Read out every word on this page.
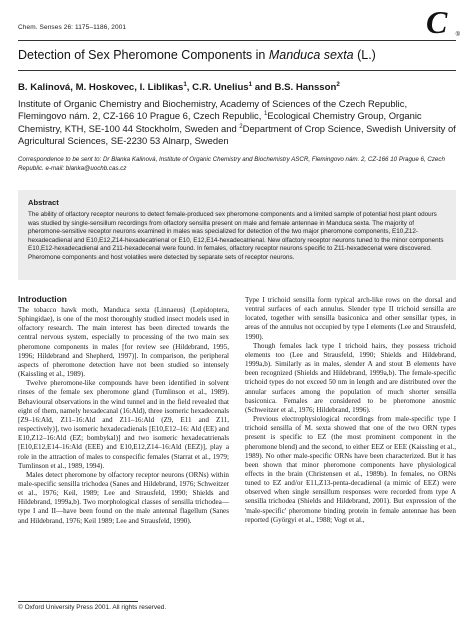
Chem. Senses 26: 1175–1186, 2001	C ®
Detection of Sex Pheromone Components in Manduca sexta (L.)
B. Kalinová, M. Hoskovec, I. Liblikas$^1$, C.R. Unelius$^1$ and B.S. Hansson$^2$
Institute of Organic Chemistry and Biochemistry, Academy of Sciences of the Czech Republic, Flemingovo nám. 2, CZ-166 10 Prague 6, Czech Republic, $^1$Ecological Chemistry Group, Organic Chemistry, KTH, SE-100 44 Stockholm, Sweden and $^2$Department of Crop Science, Swedish University of Agricultural Sciences, SE-2230 53 Alnarp, Sweden
Correspondence to be sent to: Dr Blanka Kalinová, Institute of Organic Chemistry and Biochemistry ASCR, Flemingovo nám. 2, CZ-166 10 Prague 6, Czech Republic. e-mail: blanka@uochb.cas.cz
Abstract
The ability of olfactory receptor neurons to detect female-produced sex pheromone components and a limited sample of potential host plant odours was studied by single-sensillum recordings from olfactory sensilla present on male and female antennae in Manduca sexta. The majority of pheromone-sensitive receptor neurons examined in males was specialized for detection of the two major pheromone components, E10,Z12-hexadecadienal and E10,E12,Z14-hexadecatrienal or E10, E12,E14-hexadecatrienal. New olfactory receptor neurons tuned to the minor components E10,E12-hexadecadienal and Z11-hexadecenal were found. In females, olfactory receptor neurons specific to Z11-hexadecenal were discovered. Pheromone components and host volatiles were detected by separate sets of receptor neurons.
Introduction

The tobacco hawk moth, Manduca sexta (Linnaeus) (Lepidoptera, Sphingidae), is one of the most thoroughly studied insect models used in olfactory research. The main interest has been directed towards the central nervous system, especially to processing of the two main sex pheromone components in males [for review see (Hildebrand, 1995, 1996; Hildebrand and Shepherd, 1997)]. In comparison, the peripheral aspects of pheromone detection have not been studied so intensely (Kaissling et al., 1989).

Twelve pheromone-like compounds have been identified in solvent rinses of the female sex pheromone gland (Tumlinson et al., 1989). Behavioural observations in the wind tunnel and in the field revealed that eight of them, namely hexadecanal (16:Ald), three isomeric hexadecenals [Z9–16:Ald, Z11–16:Ald and Z11–16:Ald (Z9, E11 and Z11, respectively)], two isomeric hexadecadienals [E10,E12–16: Ald (EE) and E10,Z12–16:Ald (EZ; bombykal)] and two isomeric hexadecatrienals [E10,E12,E14–16:Ald (EEE) and E10,E12,Z14–16:Ald (EEZ)], play a role in the attraction of males to conspecific females (Starrat et al., 1979; Tumlinson et al., 1989, 1994).

Males detect pheromone by olfactory receptor neurons (ORNs) within male-specific sensilla trichodea (Sanes and Hildebrand, 1976; Schweitzer et al., 1976; Keil, 1989; Lee and Strausfeld, 1990; Shields and Hildebrand, 1999a,b). Two morphological classes of sensilla trichodea—type I and II—have been found on the male antennal flagellum (Sanes and Hildebrand, 1976; Keil 1989; Lee and Strausfeld, 1990).

Type I trichoid sensilla form typical arch-like rows on the dorsal and ventral surfaces of each annulus. Slender type II trichoid sensilla are located, together with sensilla basiconica and other sensillar types, in areas of the annulus not occupied by type I elements (Lee and Strausfeld, 1990).

Though females lack type I trichoid hairs, they possess trichoid elements too (Lee and Strausfeld, 1990; Shields and Hildebrand, 1999a,b). Similarly as in males, slender A and stout B elements have been recognized (Shields and Hildebrand, 1999a,b). The female-specific trichoid types do not exceed 50 nm in length and are distributed over the annular surfaces among the population of much shorter sensilla basiconica. Females are considered to be pheromone anosmic (Schweitzer et al., 1976; Hildebrand, 1996).

Previous electrophysiological recordings from male-specific type I trichoid sensilla of M. sexta showed that one of the two ORN types present is specific to EZ (the most prominent component in the pheromone blend) and the second, to either EEZ or EEE (Kaissling et al., 1989). No other male-specific ORNs have been characterized. But it has been shown that minor pheromone components have physiological effects in the brain (Christensen et al., 1989b). In females, no ORNs tuned to EZ and/or E11,Z13-penta-decadienal (a mimic of EEZ) were observed when single sensillum responses were recorded from type A sensilla trichodea (Shields and Hildebrand, 2001). But expression of the 'male-specific' pheromone binding protein in female antennae has been reported (Györgyi et al., 1988; Vogt et al.,

© Oxford University Press 2001. All rights reserved.
